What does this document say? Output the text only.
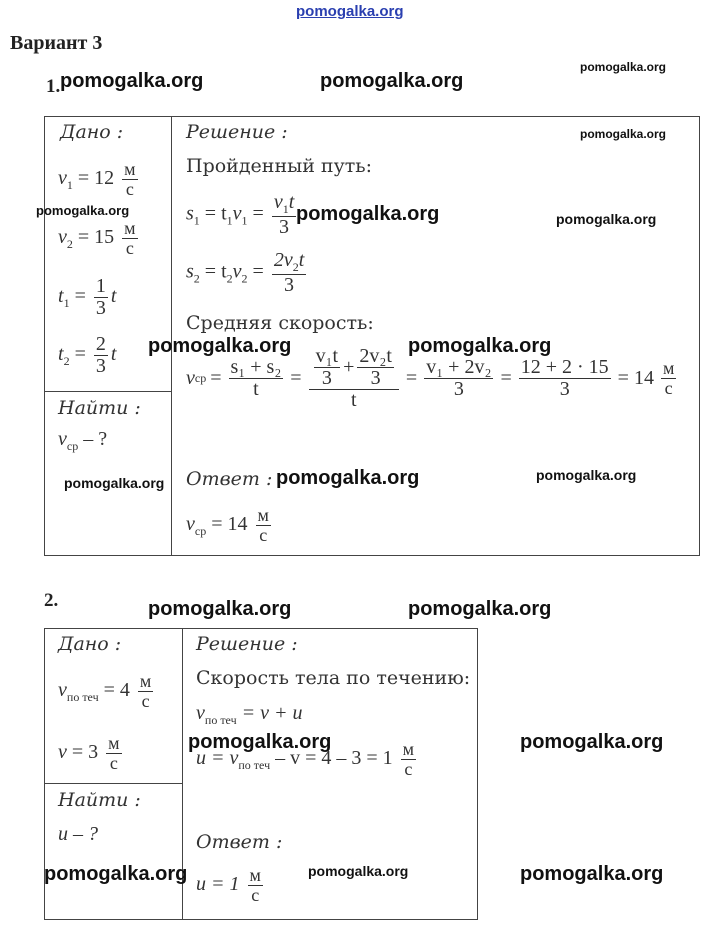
pomogalka.org
Вариант 3
1.
Дано :
$v_1 = 12 \frac{м}{с}$
$v_2 = 15 \frac{м}{с}$
$t_1 = \frac{1}{3}$ t
$t_2 = \frac{2}{3}$ t
Найти :
$v_{ср}$ – ?
Решение :
Пройденный путь:
$s_1 = t_1v_1 = \frac{v_1t}{3}$
$s_2 = t_2v_2 = \frac{2v_2t}{3}$
Средняя скорость:
v ср = $\frac{\text{s₁ + s₂}}{t} = \frac{\frac{\text{v₁t}}{3} + \frac{\text{2v₂t}}{3}}{t} = \frac{\text{v₁ + 2v₂}}{3} = \frac{12 + 2 \cdot 15}{3} = 14 \frac{м}{с}$
Ответ :
$v_{ср} = 14 \frac{м}{с}$
2.
Дано :
$v_{по теч} = 4 \frac{м}{с}$
$v = 3 \frac{м}{с}$
Найти :
u – ?
Решение :
Скорость тела по течению:
$v_{по теч} = v + u$
$u = v_{по теч} - v = 4 - 3 = 1 \frac{м}{с}$
Ответ :
$u = 1 \frac{м}{с}$
pomogalka.org
pomogalka.org	pomogalka.org
pomogalka.org
pomogalka.org	pomogalka.org	pomogalka.org
pomogalka.org	pomogalka.org
pomogalka.org
pomogalka.org
pomogalka.org
pomogalka.org	pomogalka.org
pomogalka.org	pomogalka.org
pomogalka.org	pomogalka.org	pomogalka.org
